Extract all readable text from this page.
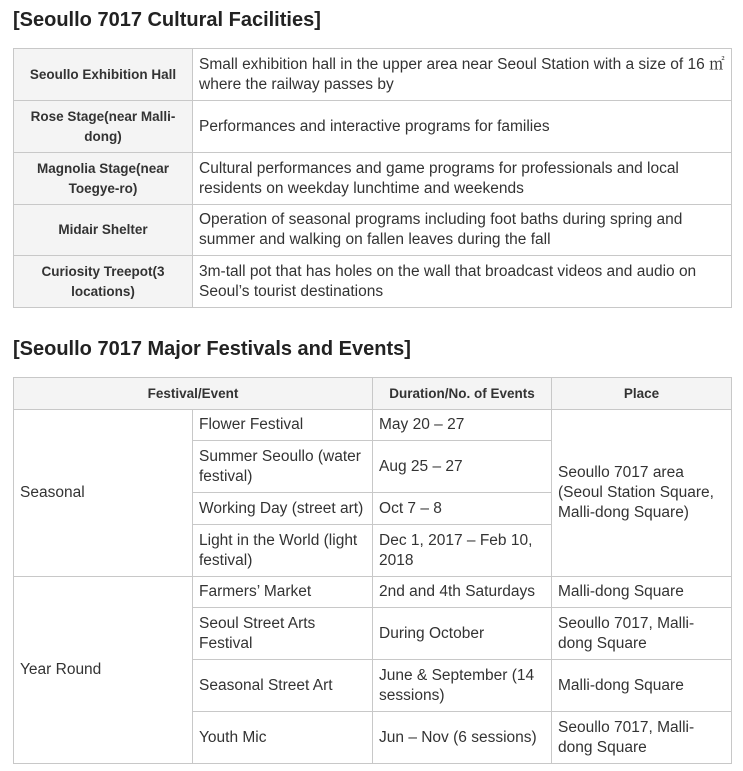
[Seoullo 7017 Cultural Facilities]
Seoullo Exhibition Hall	Small exhibition hall in the upper area near Seoul Station with a size of 16 ㎡where the railway passes by
Rose Stage(near Malli-dong)	Performances and interactive programs for families
Magnolia Stage(near Toegye-ro)	Cultural performances and game programs for professionals and local residents on weekday lunchtime and weekends
Midair Shelter	Operation of seasonal programs including foot baths during spring and summer and walking on fallen leaves during the fall
Curiosity Treepot(3 locations)	3m-tall pot that has holes on the wall that broadcast videos and audio on Seoul’s tourist destinations
[Seoullo 7017 Major Festivals and Events]
Festival/Event		Duration/No. of Events	Place
Seasonal	Flower Festival	May 20 – 27	Seoullo 7017 area (Seoul Station Square, Malli-dong Square)
	Summer Seoullo (water festival)	Aug 25 – 27	
	Working Day (street art)	Oct 7 – 8	
	Light in the World (light festival)	Dec 1, 2017 – Feb 10, 2018	
Year Round	Farmers’ Market	2nd and 4th Saturdays	Malli-dong Square
	Seoul Street Arts Festival	During October	Seoullo 7017, Malli-dong Square
	Seasonal Street Art	June & September (14 sessions)	Malli-dong Square
	Youth Mic	Jun – Nov (6 sessions)	Seoullo 7017, Malli-dong Square
